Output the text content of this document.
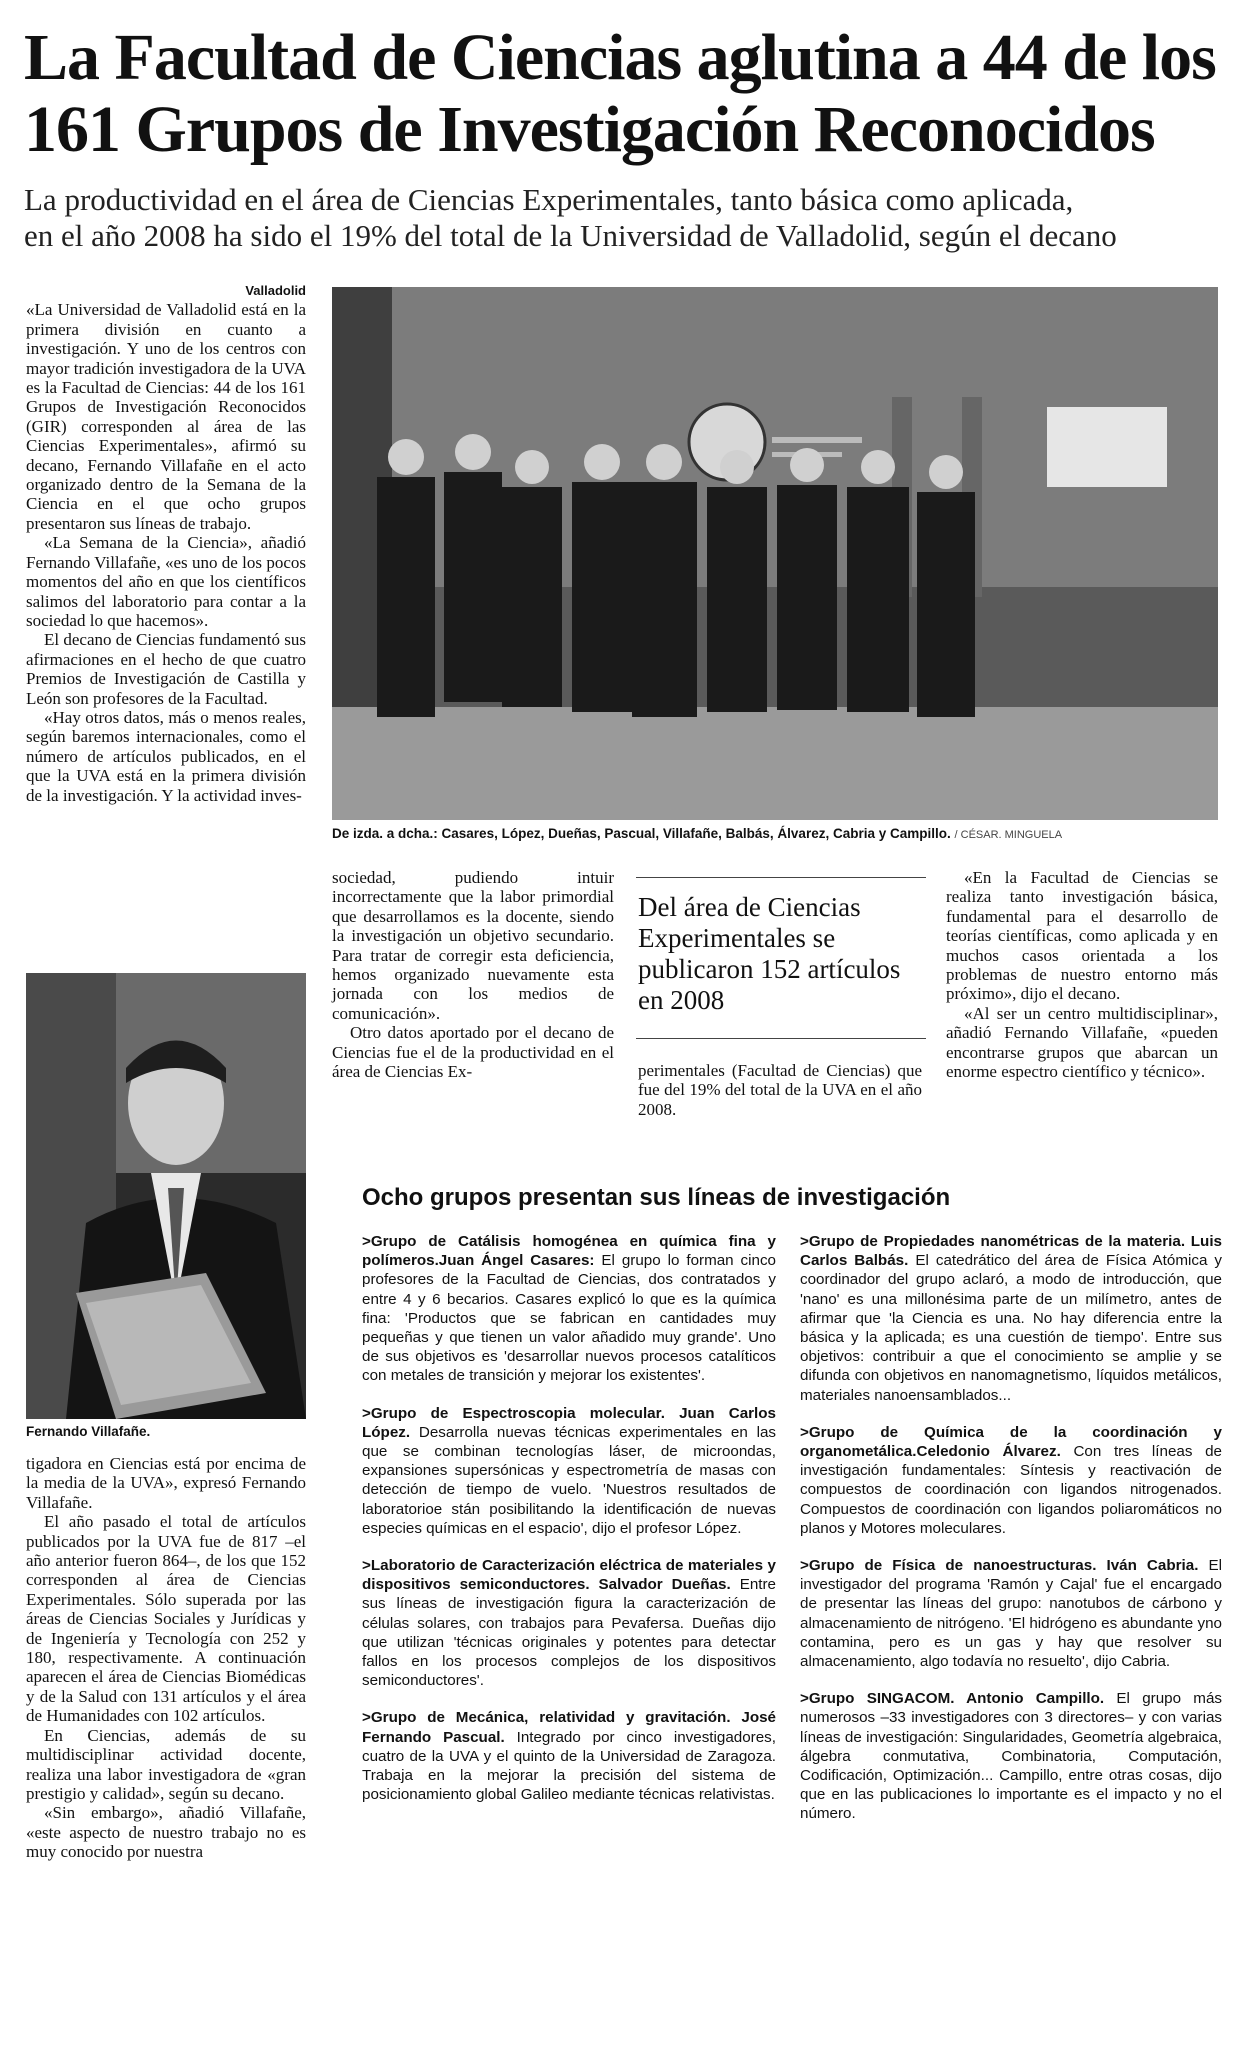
La Facultad de Ciencias aglutina a 44 de los
161 Grupos de Investigación Reconocidos
La productividad en el área de Ciencias Experimentales, tanto básica como aplicada,
en el año 2008 ha sido el 19% del total de la Universidad de Valladolid, según el decano
Valladolid

«La Universidad de Valladolid está en la primera división en cuanto a investigación. Y uno de los centros con mayor tradición investigadora de la UVA es la Facultad de Ciencias: 44 de los 161 Grupos de Investigación Reconocidos (GIR) corresponden al área de las Ciencias Experimentales», afirmó su decano, Fernando Villafañe en el acto organizado dentro de la Semana de la Ciencia en el que ocho grupos presentaron sus líneas de trabajo.

«La Semana de la Ciencia», añadió Fernando Villafañe, «es uno de los pocos momentos del año en que los científicos salimos del laboratorio para contar a la sociedad lo que hacemos».

El decano de Ciencias fundamentó sus afirmaciones en el hecho de que cuatro Premios de Investigación de Castilla y León son profesores de la Facultad.

«Hay otros datos, más o menos reales, según baremos internacionales, como el número de artículos publicados, en el que la UVA está en la primera división de la investigación. Y la actividad inves-

Fernando Villafañe.

tigadora en Ciencias está por encima de la media de la UVA», expresó Fernando Villafañe.

El año pasado el total de artículos publicados por la UVA fue de 817 –el año anterior fueron 864–, de los que 152 corresponden al área de Ciencias Experimentales. Sólo superada por las áreas de Ciencias Sociales y Jurídicas y de Ingeniería y Tecnología con 252 y 180, respectivamente. A continuación aparecen el área de Ciencias Biomédicas y de la Salud con 131 artículos y el área de Humanidades con 102 artículos.

En Ciencias, además de su multidisciplinar actividad docente, realiza una labor investigadora de «gran prestigio y calidad», según su decano.

«Sin embargo», añadió Villafañe, «este aspecto de nuestro trabajo no es muy conocido por nuestra

De izda. a dcha.: Casares, López, Dueñas, Pascual, Villafañe, Balbás, Álvarez, Cabria y Campillo. / CÉSAR. MINGUELA

sociedad, pudiendo intuir incorrectamente que la labor primordial que desarrollamos es la docente, siendo la investigación un objetivo secundario. Para tratar de corregir esta deficiencia, hemos organizado nuevamente esta jornada con los medios de comunicación».

Otro datos aportado por el decano de Ciencias fue el de la productividad en el área de Ciencias Ex-

Del área de Ciencias Experimentales se publicaron 152 artículos en 2008

perimentales (Facultad de Ciencias) que fue del 19% del total de la UVA en el año 2008.

«En la Facultad de Ciencias se realiza tanto investigación básica, fundamental para el desarrollo de teorías científicas, como aplicada y en muchos casos orientada a los problemas de nuestro entorno más próximo», dijo el decano.

«Al ser un centro multidisciplinar», añadió Fernando Villafañe, «pueden encontrarse grupos que abarcan un enorme espectro científico y técnico».

Ocho grupos presentan sus líneas de investigación

>Grupo de Catálisis homogénea en química fina y polímeros.Juan Ángel Casares: El grupo lo forman cinco profesores de la Facultad de Ciencias, dos contratados y entre 4 y 6 becarios. Casares explicó lo que es la química fina: 'Productos que se fabrican en cantidades muy pequeñas y que tienen un valor añadido muy grande'. Uno de sus objetivos es 'desarrollar nuevos procesos catalíticos con metales de transición y mejorar los existentes'.

>Grupo de Espectroscopia molecular. Juan Carlos López. Desarrolla nuevas técnicas experimentales en las que se combinan tecnologías láser, de microondas, expansiones supersónicas y espectrometría de masas con detección de tiempo de vuelo. 'Nuestros resultados de laboratorioe stán posibilitando la identificación de nuevas especies químicas en el espacio', dijo el profesor López.

>Laboratorio de Caracterización eléctrica de materiales y dispositivos semiconductores. Salvador Dueñas. Entre sus líneas de investigación figura la caracterización de células solares, con trabajos para Pevafersa. Dueñas dijo que utilizan 'técnicas originales y potentes para detectar fallos en los procesos complejos de los dispositivos semiconductores'.

>Grupo de Mecánica, relatividad y gravitación. José Fernando Pascual. Integrado por cinco investigadores, cuatro de la UVA y el quinto de la Universidad de Zaragoza. Trabaja en la mejorar la precisión del sistema de posicionamiento global Galileo mediante técnicas relativistas.

>Grupo de Propiedades nanométricas de la materia. Luis Carlos Balbás. El catedrático del área de Física Atómica y coordinador del grupo aclaró, a modo de introducción, que 'nano' es una millonésima parte de un milímetro, antes de afirmar que 'la Ciencia es una. No hay diferencia entre la básica y la aplicada; es una cuestión de tiempo'. Entre sus objetivos: contribuir a que el conocimiento se amplie y se difunda con objetivos en nanomagnetismo, líquidos metálicos, materiales nanoensamblados...

>Grupo de Química de la coordinación y organometálica.Celedonio Álvarez. Con tres líneas de investigación fundamentales: Síntesis y reactivación de compuestos de coordinación con ligandos nitrogenados. Compuestos de coordinación con ligandos poliaromáticos no planos y Motores moleculares.

>Grupo de Física de nanoestructuras. Iván Cabria. El investigador del programa 'Ramón y Cajal' fue el encargado de presentar las líneas del grupo: nanotubos de cárbono y almacenamiento de nitrógeno. 'El hidrógeno es abundante yno contamina, pero es un gas y hay que resolver su almacenamiento, algo todavía no resuelto', dijo Cabria.

>Grupo SINGACOM. Antonio Campillo. El grupo más numerosos –33 investigadores con 3 directores– y con varias líneas de investigación: Singularidades, Geometría algebraica, álgebra conmutativa, Combinatoria, Computación, Codificación, Optimización... Campillo, entre otras cosas, dijo que en las publicaciones lo importante es el impacto y no el número.
